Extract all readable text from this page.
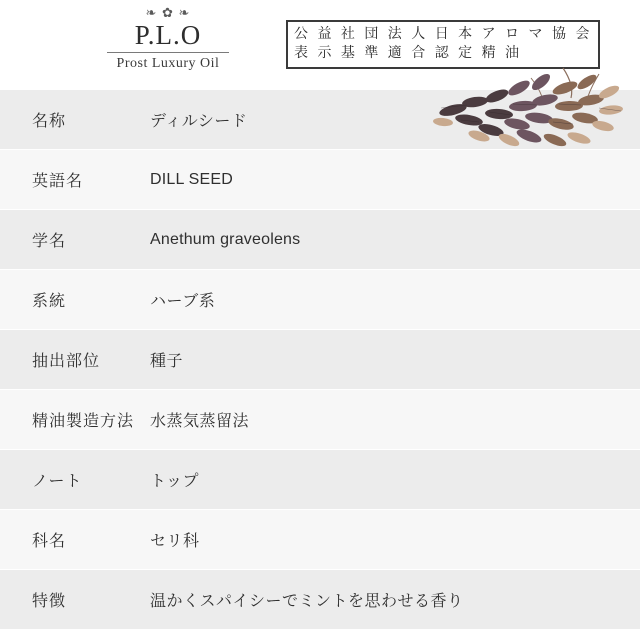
❧ ✿ ❧
P.L.O
Prost Luxury Oil
公 益 社 団 法 人 日 本 ア ロ マ 協 会
表 示 基 準 適 合 認 定 精 油
名称	ディルシード
英語名	DILL SEED
学名	Anethum graveolens
系統	ハーブ系
抽出部位	種子
精油製造方法 水蒸気蒸留法
ノート	トップ
科名	セリ科
特徴	温かくスパイシーでミントを思わせる香り
